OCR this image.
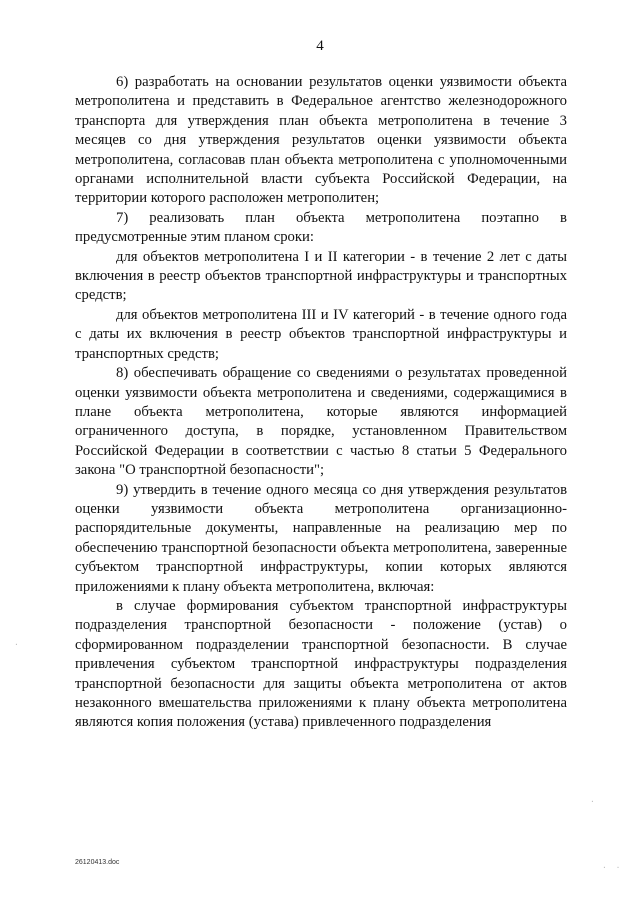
4

6) разработать на основании результатов оценки уязвимости объекта метрополитена и представить в Федеральное агентство железнодорожного транспорта для утверждения план объекта метрополитена в течение 3 месяцев со дня утверждения результатов оценки уязвимости объекта метрополитена, согласовав план объекта метрополитена с уполномоченными органами исполнительной власти субъекта Российской Федерации, на территории которого расположен метрополитен;

7) реализовать план объекта метрополитена поэтапно в предусмотренные этим планом сроки:

для объектов метрополитена I и II категории - в течение 2 лет с даты включения в реестр объектов транспортной инфраструктуры и транспортных средств;

для объектов метрополитена III и IV категорий - в течение одного года с даты их включения в реестр объектов транспортной инфраструктуры и транспортных средств;

8) обеспечивать обращение со сведениями о результатах проведенной оценки уязвимости объекта метрополитена и сведениями, содержащимися в плане объекта метрополитена, которые являются информацией ограниченного доступа, в порядке, установленном Правительством Российской Федерации в соответствии с частью 8 статьи 5 Федерального закона "О транспортной безопасности";

9) утвердить в течение одного месяца со дня утверждения результатов оценки уязвимости объекта метрополитена организационно-распорядительные документы, направленные на реализацию мер по обеспечению транспортной безопасности объекта метрополитена, заверенные субъектом транспортной инфраструктуры, копии которых являются приложениями к плану объекта метрополитена, включая:

в случае формирования субъектом транспортной инфраструктуры подразделения транспортной безопасности - положение (устав) о сформированном подразделении транспортной безопасности. В случае привлечения субъектом транспортной инфраструктуры подразделения транспортной безопасности для защиты объекта метрополитена от актов незаконного вмешательства приложениями к плану объекта метрополитена являются копия положения (устава) привлеченного подразделения

26120413.doc
·
·
· ·
